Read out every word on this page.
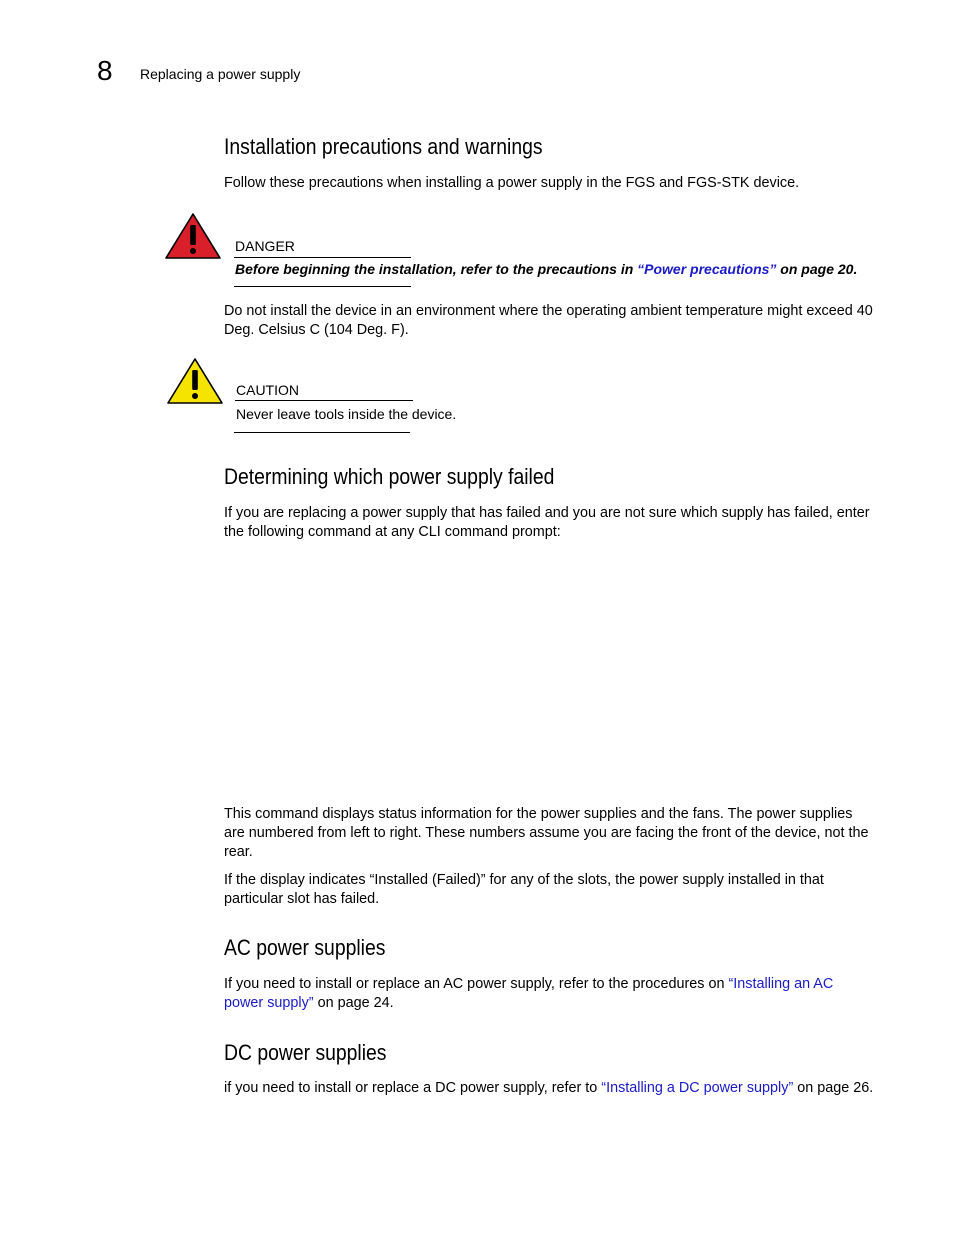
8 Replacing a power supply
Installation precautions and warnings

Follow these precautions when installing a power supply in the FGS and FGS-STK device.

DANGER
Before beginning the installation, refer to the precautions in “Power precautions” on page 20.

Do not install the device in an environment where the operating ambient temperature might exceed 40 Deg. Celsius C (104 Deg. F).

CAUTION
Never leave tools inside the device.
Determining which power supply failed

If you are replacing a power supply that has failed and you are not sure which supply has failed, enter the following command at any CLI command prompt:

This command displays status information for the power supplies and the fans. The power supplies are numbered from left to right. These numbers assume you are facing the front of the device, not the rear.

If the display indicates “Installed (Failed)” for any of the slots, the power supply installed in that particular slot has failed.

AC power supplies

If you need to install or replace an AC power supply, refer to the procedures on “Installing an AC power supply” on page 24.

DC power supplies

if you need to install or replace a DC power supply, refer to “Installing a DC power supply” on page 26.
